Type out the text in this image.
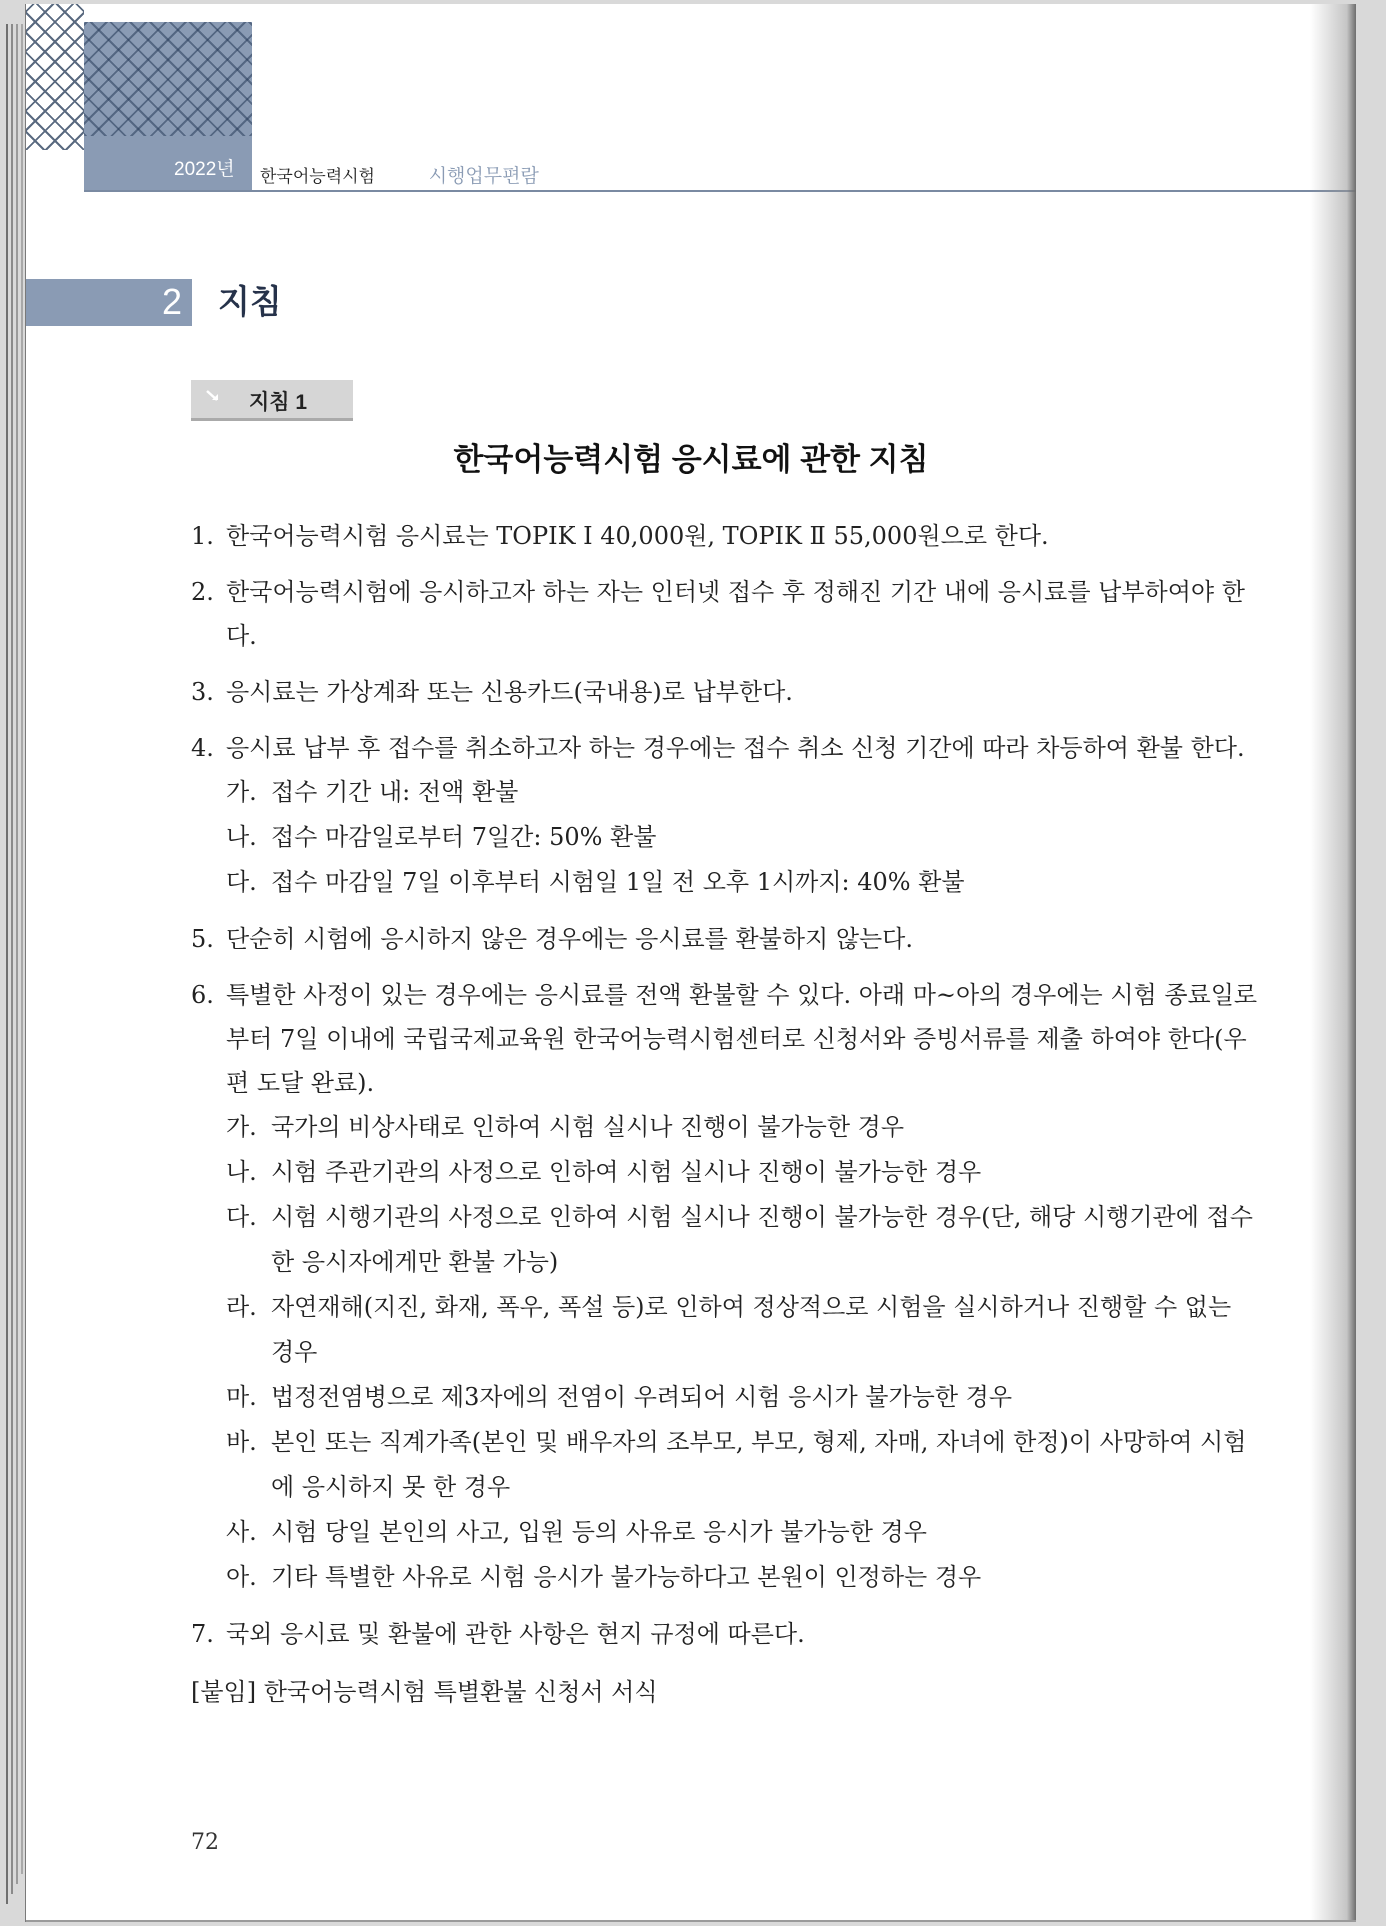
2022년 한국어능력시험	시행업무편람
2 지침
지침 1
한국어능력시험 응시료에 관한 지침
1. 한국어능력시험 응시료는 TOPIK Ⅰ 40,000원, TOPIK Ⅱ 55,000원으로 한다.
2. 한국어능력시험에 응시하고자 하는 자는 인터넷 접수 후 정해진 기간 내에 응시료를 납부하여야 한다.
3. 응시료는 가상계좌 또는 신용카드(국내용)로 납부한다.
4. 응시료 납부 후 접수를 취소하고자 하는 경우에는 접수 취소 신청 기간에 따라 차등하여 환불 한다.
가. 접수 기간 내: 전액 환불
나. 접수 마감일로부터 7일간: 50% 환불
다. 접수 마감일 7일 이후부터 시험일 1일 전 오후 1시까지: 40% 환불
5. 단순히 시험에 응시하지 않은 경우에는 응시료를 환불하지 않는다.
6. 특별한 사정이 있는 경우에는 응시료를 전액 환불할 수 있다. 아래 마~아의 경우에는 시험 종료일로부터 7일 이내에 국립국제교육원 한국어능력시험센터로 신청서와 증빙서류를 제출 하여야 한다(우편 도달 완료).
가. 국가의 비상사태로 인하여 시험 실시나 진행이 불가능한 경우
나. 시험 주관기관의 사정으로 인하여 시험 실시나 진행이 불가능한 경우
다. 시험 시행기관의 사정으로 인하여 시험 실시나 진행이 불가능한 경우(단, 해당 시행기관에 접수한 응시자에게만 환불 가능)
라. 자연재해(지진, 화재, 폭우, 폭설 등)로 인하여 정상적으로 시험을 실시하거나 진행할 수 없는 경우
마. 법정전염병으로 제3자에의 전염이 우려되어 시험 응시가 불가능한 경우
바. 본인 또는 직계가족(본인 및 배우자의 조부모, 부모, 형제, 자매, 자녀에 한정)이 사망하여 시험에 응시하지 못 한 경우
사. 시험 당일 본인의 사고, 입원 등의 사유로 응시가 불가능한 경우
아. 기타 특별한 사유로 시험 응시가 불가능하다고 본원이 인정하는 경우
7. 국외 응시료 및 환불에 관한 사항은 현지 규정에 따른다.
[붙임] 한국어능력시험 특별환불 신청서 서식
72
